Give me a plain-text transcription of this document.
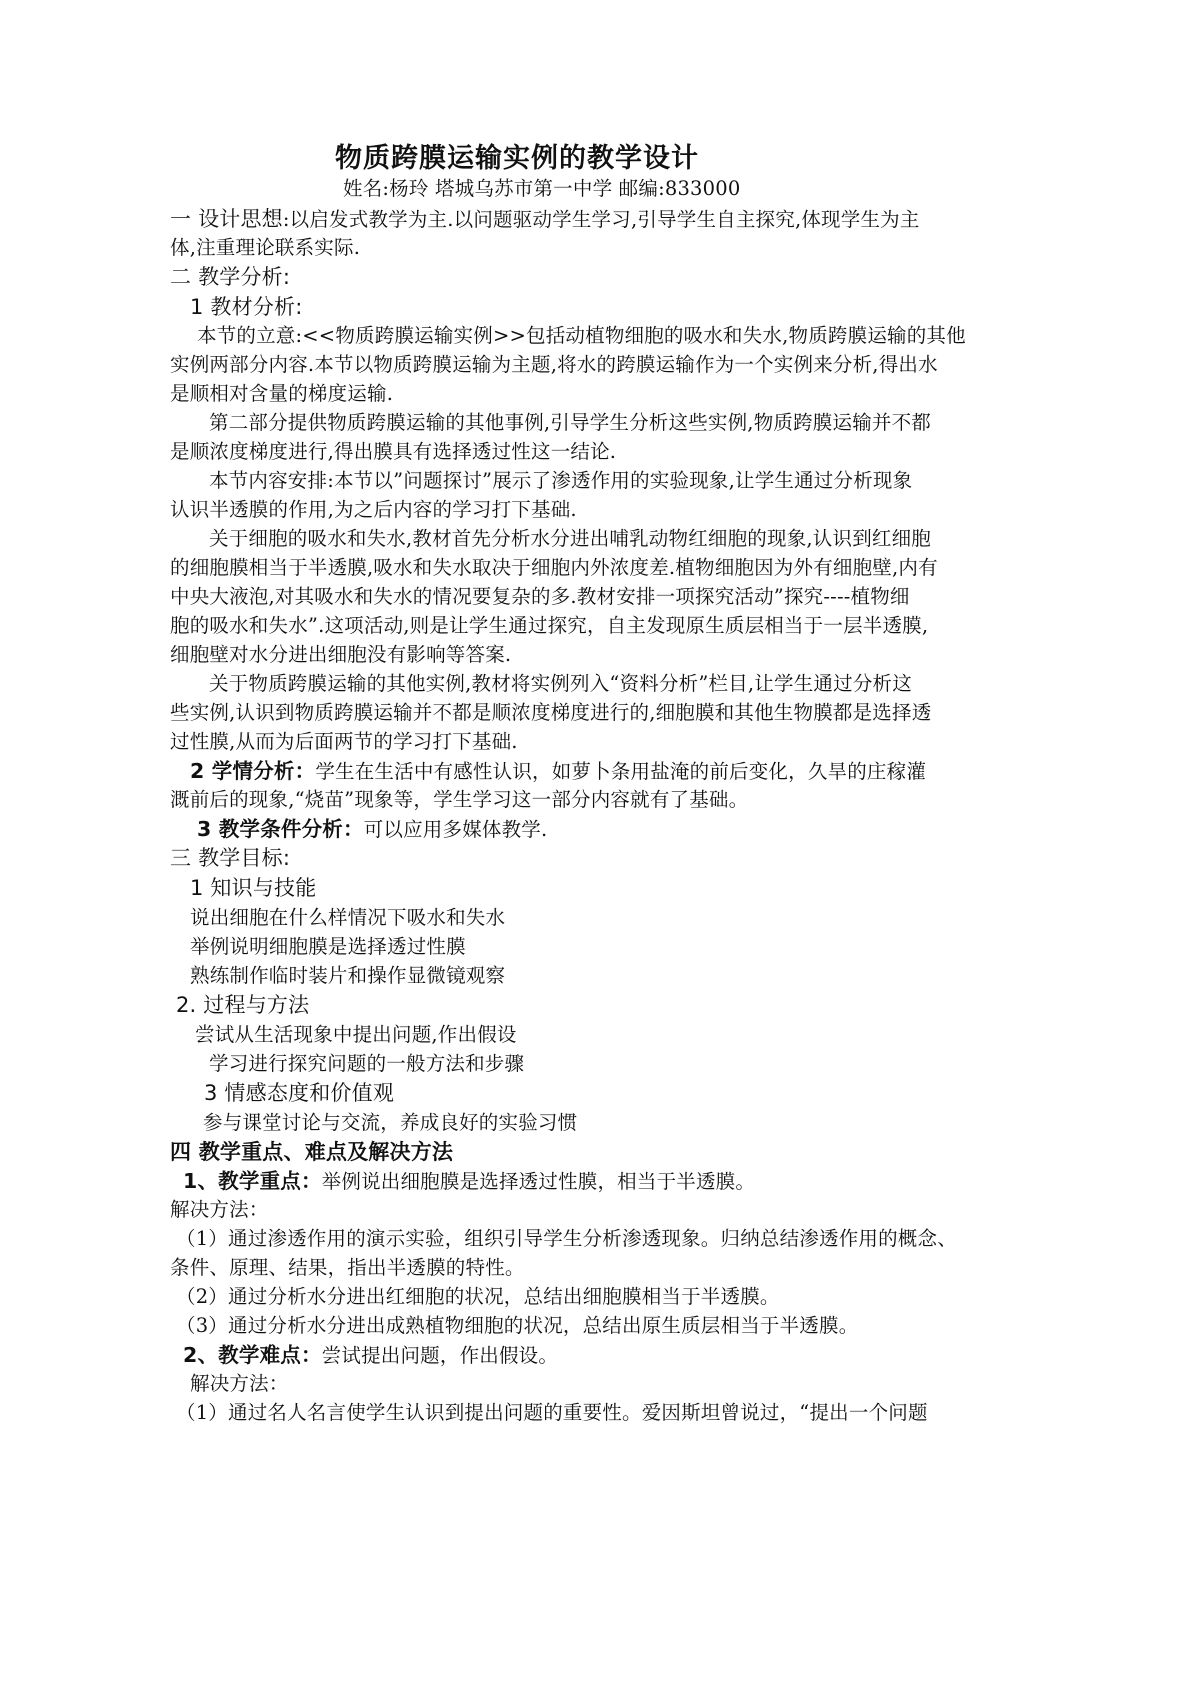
物质跨膜运输实例的教学设计
姓名:杨玲 塔城乌苏市第一中学 邮编:833000
一 设计思想:以启发式教学为主.以问题驱动学生学习,引导学生自主探究,体现学生为主
体,注重理论联系实际.
二 教学分析:
1 教材分析:
本节的立意:<<物质跨膜运输实例>>包括动植物细胞的吸水和失水,物质跨膜运输的其他
实例两部分内容.本节以物质跨膜运输为主题,将水的跨膜运输作为一个实例来分析,得出水
是顺相对含量的梯度运输.
第二部分提供物质跨膜运输的其他事例,引导学生分析这些实例,物质跨膜运输并不都
是顺浓度梯度进行,得出膜具有选择透过性这一结论.
本节内容安排:本节以”问题探讨”展示了渗透作用的实验现象,让学生通过分析现象
认识半透膜的作用,为之后内容的学习打下基础.
关于细胞的吸水和失水,教材首先分析水分进出哺乳动物红细胞的现象,认识到红细胞
的细胞膜相当于半透膜,吸水和失水取决于细胞内外浓度差.植物细胞因为外有细胞壁,内有
中央大液泡,对其吸水和失水的情况要复杂的多.教材安排一项探究活动”探究----植物细
胞的吸水和失水”.这项活动,则是让学生通过探究，自主发现原生质层相当于一层半透膜,
细胞壁对水分进出细胞没有影响等答案.
关于物质跨膜运输的其他实例,教材将实例列入“资料分析”栏目,让学生通过分析这
些实例,认识到物质跨膜运输并不都是顺浓度梯度进行的,细胞膜和其他生物膜都是选择透
过性膜,从而为后面两节的学习打下基础.
2 学情分析：学生在生活中有感性认识，如萝卜条用盐淹的前后变化，久旱的庄稼灌
溉前后的现象,“烧苗”现象等，学生学习这一部分内容就有了基础。
3 教学条件分析：可以应用多媒体教学.
三 教学目标:
1 知识与技能
说出细胞在什么样情况下吸水和失水
举例说明细胞膜是选择透过性膜
熟练制作临时装片和操作显微镜观察
2. 过程与方法
尝试从生活现象中提出问题,作出假设
学习进行探究问题的一般方法和步骤
3 情感态度和价值观
参与课堂讨论与交流，养成良好的实验习惯
四 教学重点、难点及解决方法
1、教学重点：举例说出细胞膜是选择透过性膜，相当于半透膜。
解决方法：
（1）通过渗透作用的演示实验，组织引导学生分析渗透现象。归纳总结渗透作用的概念、
条件、原理、结果，指出半透膜的特性。
（2）通过分析水分进出红细胞的状况，总结出细胞膜相当于半透膜。
（3）通过分析水分进出成熟植物细胞的状况，总结出原生质层相当于半透膜。
2、教学难点：尝试提出问题，作出假设。
解决方法：
（1）通过名人名言使学生认识到提出问题的重要性。爱因斯坦曾说过，“提出一个问题
